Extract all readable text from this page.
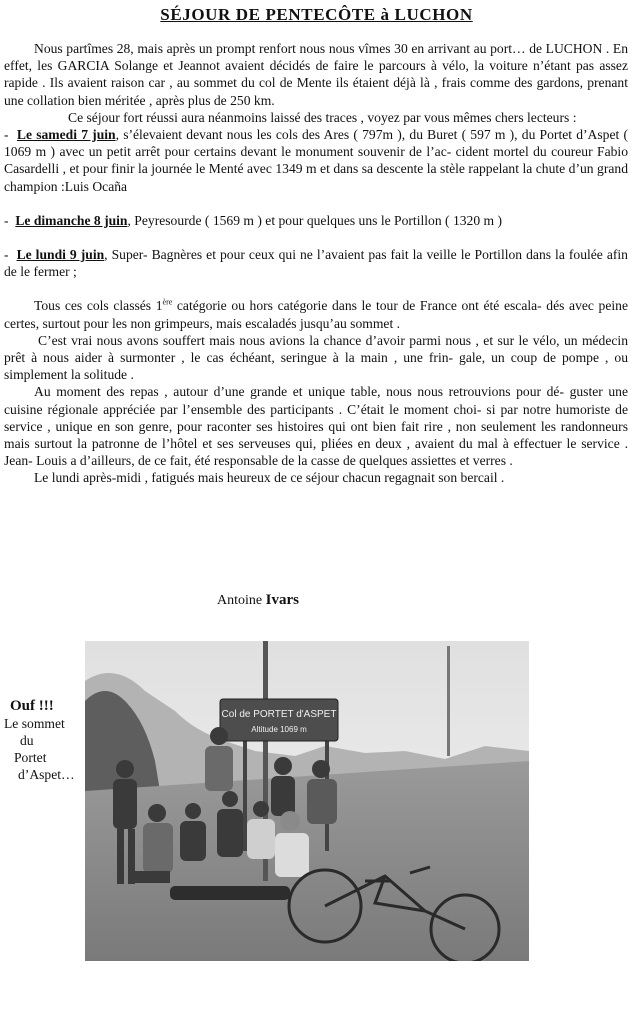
SÉJOUR DE PENTECÔTE à LUCHON

Nous partîmes 28, mais après un prompt renfort nous nous vîmes 30 en arrivant au port… de LUCHON . En effet, les GARCIA Solange et Jeannot avaient décidés de faire le parcours à vélo, la voiture n’étant pas assez rapide . Ils avaient raison car , au sommet du col de Mente ils étaient déjà là , frais comme des gardons, prenant une collation bien méritée , après plus de 250 km.

Ce séjour fort réussi aura néanmoins laissé des traces , voyez par vous mêmes chers lecteurs :

-  Le samedi 7 juin, s’élevaient devant nous les cols des Ares ( 797m ), du Buret ( 597 m ), du Portet d’Aspet ( 1069 m ) avec un petit arrêt pour certains devant le monument souvenir de l’ac- cident mortel du coureur Fabio Casardelli , et pour finir la journée le Menté avec 1349 m et dans sa descente la stèle rappelant la chute d’un grand champion :Luis Ocaña

-  Le dimanche 8 juin, Peyresourde ( 1569 m ) et pour quelques uns le Portillon ( 1320 m )

-  Le lundi 9 juin, Super- Bagnères et pour ceux qui ne l’avaient pas fait la veille le Portillon dans la foulée afin de le fermer ;

Tous ces cols classés 1ère catégorie ou hors catégorie dans le tour de France ont été escala- dés avec peine certes, surtout pour les non grimpeurs, mais escaladés jusqu’au sommet .

C’est vrai nous avons souffert mais nous avions la chance d’avoir parmi nous , et sur le vélo, un médecin prêt à nous aider à surmonter , le cas échéant, seringue à la main , une frin- gale, un coup de pompe , ou simplement la solitude .

Au moment des repas , autour d’une grande et unique table, nous nous retrouvions pour dé- guster une cuisine régionale appréciée par l’ensemble des participants . C’était le moment choi- si par notre humoriste de service , unique en son genre, pour raconter ses histoires qui ont bien fait rire , non seulement les randonneurs mais surtout la patronne de l’hôtel et ses serveuses qui, pliées en deux , avaient du mal à effectuer le service . Jean- Louis a d’ailleurs, de ce fait, été responsable de la casse de quelques assiettes et verres .

Le lundi après-midi , fatigués mais heureux de ce séjour chacun regagnait son bercail .

Antoine Ivars
Ouf !!!
Le sommet
du
Portet
d’Aspet…
Col de PORTET d'ASPET
Altitude 1069 m
